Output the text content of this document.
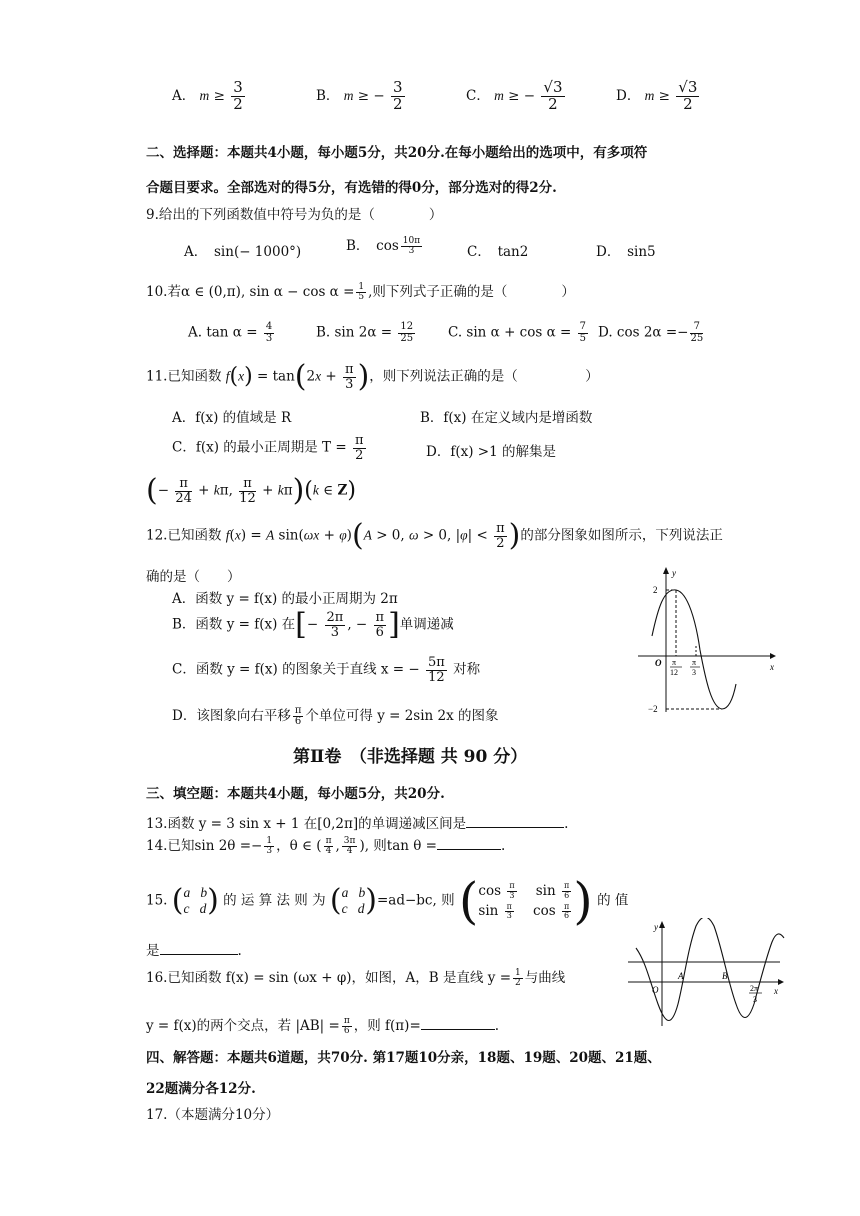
A． $m \ge \frac{3}{2}$	B． m ≥ − $\frac{3}{2}$	C． m ≥ − $\frac{√3}{2}$	D． $m \ge \frac{√3}{2}$
二、选择题：本题共4小题，每小题5分，共20分.在每小题给出的选项中，有多项符
合题目要求。全部选对的得5分，有选错的得0分，部分选对的得2分.
9.给出的下列函数值中符号为负的是（　　　　）
A．　sin(− 1000°)	B．　$\cos \frac{10\pi}{3}$	C．　tan2	D．　sin5
10.若α ∈ (0,π), $\sin \alpha - \cos \alpha = \frac{1}{5}$ ,则下列式子正确的是（　　　　）
A. $\tan \alpha = \frac{4}{3}$	B. $\sin 2\alpha = \frac{12}{25} C$. $\sin \alpha + \cos \alpha = \frac{7}{5} D$. $\cos 2\alpha =- \frac{7}{25}$
11.已知函数 $f(x) = \tan(2x + \frac{\pi}{3}$ )，则下列说法正确的是（　　　　　）
A．f(x) 的值域是 R	B．f(x) 在定义域内是增函数
C．f(x) 的最小正周期是 $T = \frac{\pi}{2}$	D．f(x) >1 的解集是
(− $\frac{\pi}{24} + k\pi$, $\frac{\pi}{12} + k\pi)(k$ ∈ Z)
12.已知函数 f(x) = A sin(ωx + φ)(A > 0, ω > 0, $|\varphi| < \frac{\pi}{2}$ )的部分图象如图所示，下列说法正
确的是（　　）
A．函数 y = f(x) 的最小正周期为 2π
B．函数 y = f(x) 在[− $\frac{2\pi}{3}$ , − $\frac{\pi}{6}$ ]单调递减
C．函数 y = f(x) 的图象关于直线 x = − $\frac{5\pi}{12}$ 对称
D．该图象向右平移 $\frac{\pi}{6}$ 个单位可得 y = 2sin 2x 的图象
y
x
O
2
−2
π
12
π
3
第Ⅱ卷　（非选择题 共 90 分）
三、填空题：本题共4小题，每小题5分，共20分.
13.函数 y = 3 sin x + 1 在[0,2π]的单调递减区间是	.
14.已知$\sin 2\theta =- \frac{1}{3}$ ，θ ∈ ( $\frac{\pi}{4}$ , $\frac{3\pi}{4}$ ), 则tan θ =	.
15. (a   b
c   d) 的 运 算 法 则 为 (a   b
c   d)=ad−bc, 则 ($\cos \frac{\pi}{3}$ $\sin \frac{\pi}{6}$

$\sin \frac{\pi}{3}$ $\cos \frac{\pi}{6}$ ) 的 值
是	.
y
x
O
A	B
2π
3
16.已知函数 f(x) = sin (ωx + φ)，如图，A，B 是直线 $y = \frac{1}{2}$ 与曲线
y = f(x)的两个交点，若 $|AB| = \frac{\pi}{6}$ ，则 f(π)=	.
四、解答题：本题共6道题，共70分. 第17题10分亲，18题、19题、20题、21题、
22题满分各12分.
17.（本题满分10分）
